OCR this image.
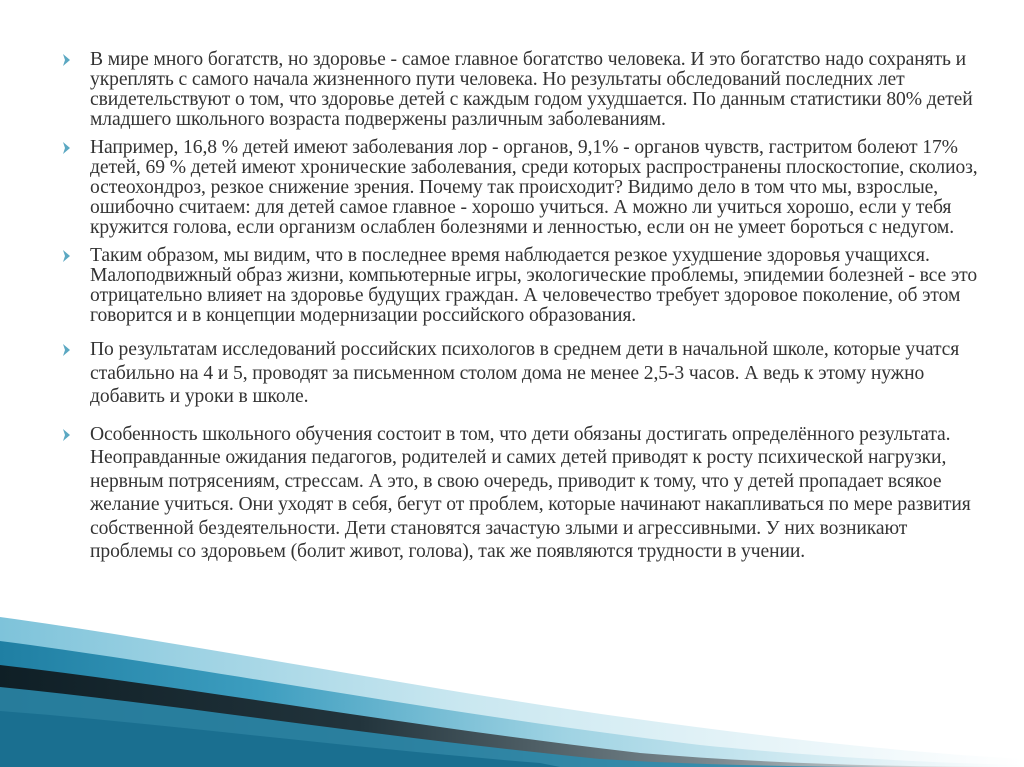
В мире много богатств, но здоровье - самое главное богатство человека. И это богатство надо сохранять и укреплять с самого начала жизненного пути человека. Но результаты обследований последних лет свидетельствуют о том, что здоровье детей с каждым годом ухудшается. По данным статистики 80% детей младшего школьного возраста подвержены различным заболеваниям.
Например, 16,8 % детей имеют заболевания лор - органов, 9,1% - органов чувств, гастритом болеют 17% детей, 69 % детей имеют хронические заболевания, среди которых распространены плоскостопие, сколиоз, остеохондроз, резкое снижение зрения. Почему так происходит? Видимо дело в том что мы, взрослые, ошибочно считаем: для детей самое главное - хорошо учиться. А можно ли учиться хорошо, если у тебя кружится голова, если организм ослаблен болезнями и ленностью, если он не умеет бороться с недугом.
Таким образом, мы видим, что в последнее время наблюдается резкое ухудшение здоровья учащихся. Малоподвижный образ жизни, компьютерные игры, экологические проблемы, эпидемии болезней - все это отрицательно влияет на здоровье будущих граждан. А человечество требует здоровое поколение, об этом говорится и в концепции модернизации российского образования.
По результатам исследований российских психологов в среднем дети в начальной школе, которые учатся стабильно на 4 и 5, проводят за письменном столом дома не менее 2,5-3 часов. А ведь к этому нужно добавить и уроки в школе.
Особенность школьного обучения состоит в том, что дети обязаны достигать определённого результата. Неоправданные ожидания педагогов, родителей и самих детей приводят к росту психической нагрузки, нервным потрясениям, стрессам. А это, в свою очередь, приводит к тому, что у детей пропадает всякое желание учиться. Они уходят в себя, бегут от проблем, которые начинают накапливаться по мере развития собственной бездеятельности. Дети становятся зачастую злыми и агрессивными. У них возникают проблемы со здоровьем (болит живот, голова), так же появляются трудности в учении.
